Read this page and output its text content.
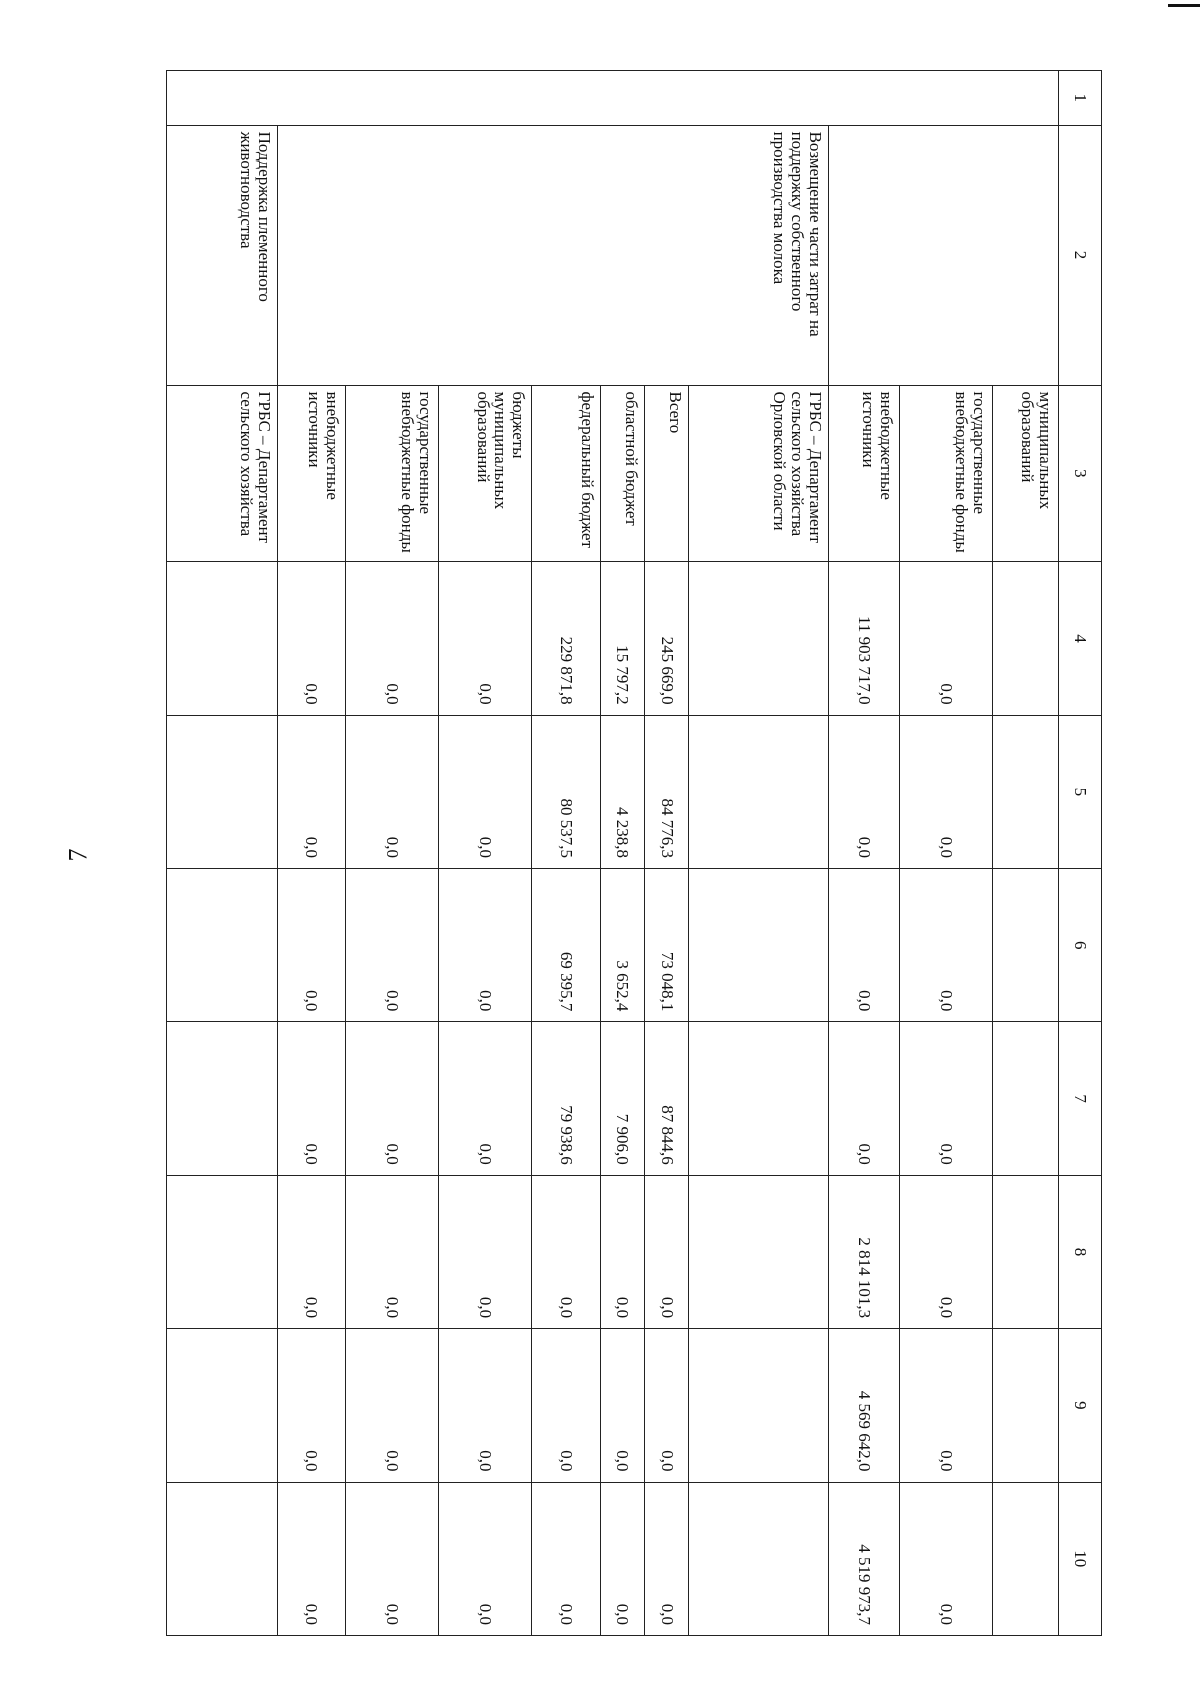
7
1	2	3	4	5	6	7	8	9	10
		муниципальных образований							
		государственные внебюджетные фонды	0,0	0,0	0,0	0,0	0,0	0,0	0,0
		внебюджетные источники	11 903 717,0	0,0	0,0	0,0	2 814 101,3	4 569 642,0	4 519 973,7
	Возмещение части затрат на поддержку собственного производства молока	ГРБС – Департамент сельского хозяйства Орловской области							
		Всего	245 669,0	84 776,3	73 048,1	87 844,6	0,0	0,0	0,0
		областной бюджет	15 797,2	4 238,8	3 652,4	7 906,0	0,0	0,0	0,0
		федеральный бюджет	229 871,8	80 537,5	69 395,7	79 938,6	0,0	0,0	0,0
		бюджеты муниципальных образований	0,0	0,0	0,0	0,0	0,0	0,0	0,0
		государственные внебюджетные фонды	0,0	0,0	0,0	0,0	0,0	0,0	0,0
		внебюджетные источники	0,0	0,0	0,0	0,0	0,0	0,0	0,0
	Поддержка племенного животноводства	ГРБС – Департамент сельского хозяйства							
